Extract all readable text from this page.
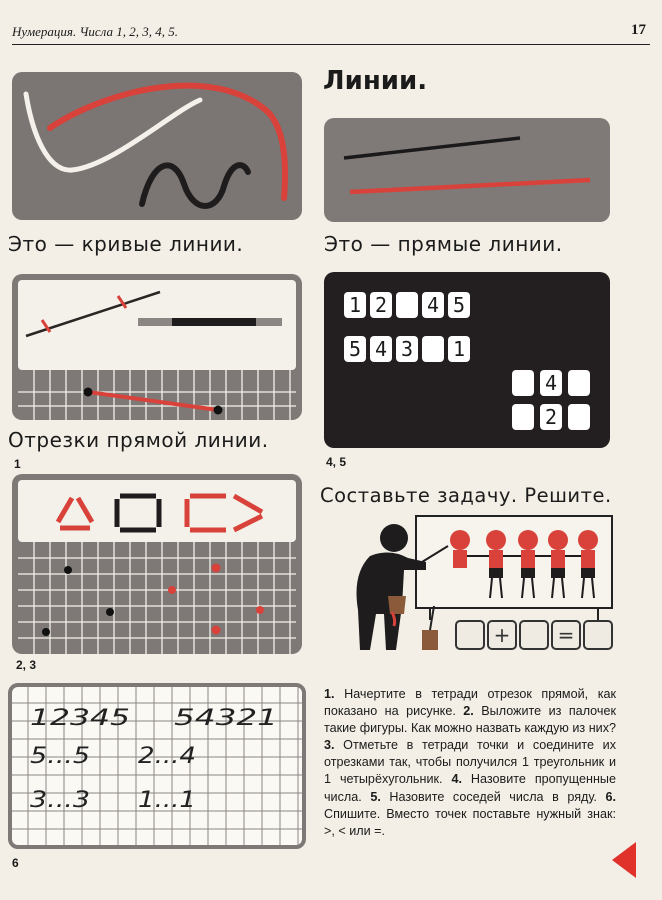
Нумерация. Числа 1, 2, 3, 4, 5.	17
Линии.
Это — кривые линии.	Это — прямые линии.
Отрезки прямой линии.
1
1 2 4 5
5 4 3 1
4
2
4, 5
2, 3
Составьте задачу. Решите.
+	=
12345 54321
5...5 2...4
3...3 1...1
6
1. Начертите в тетради отрезок прямой, как показано на рисунке. 2. Выложите из палочек такие фигуры. Как можно назвать каждую из них? 3. Отметьте в тетради точки и соедините их отрезками так, чтобы получился 1 треугольник и 1 четырёхугольник. 4. Назовите пропущенные числа. 5. Назовите соседей числа в ряду. 6. Спишите. Вместо точек поставьте нужный знак: >, < или =.
